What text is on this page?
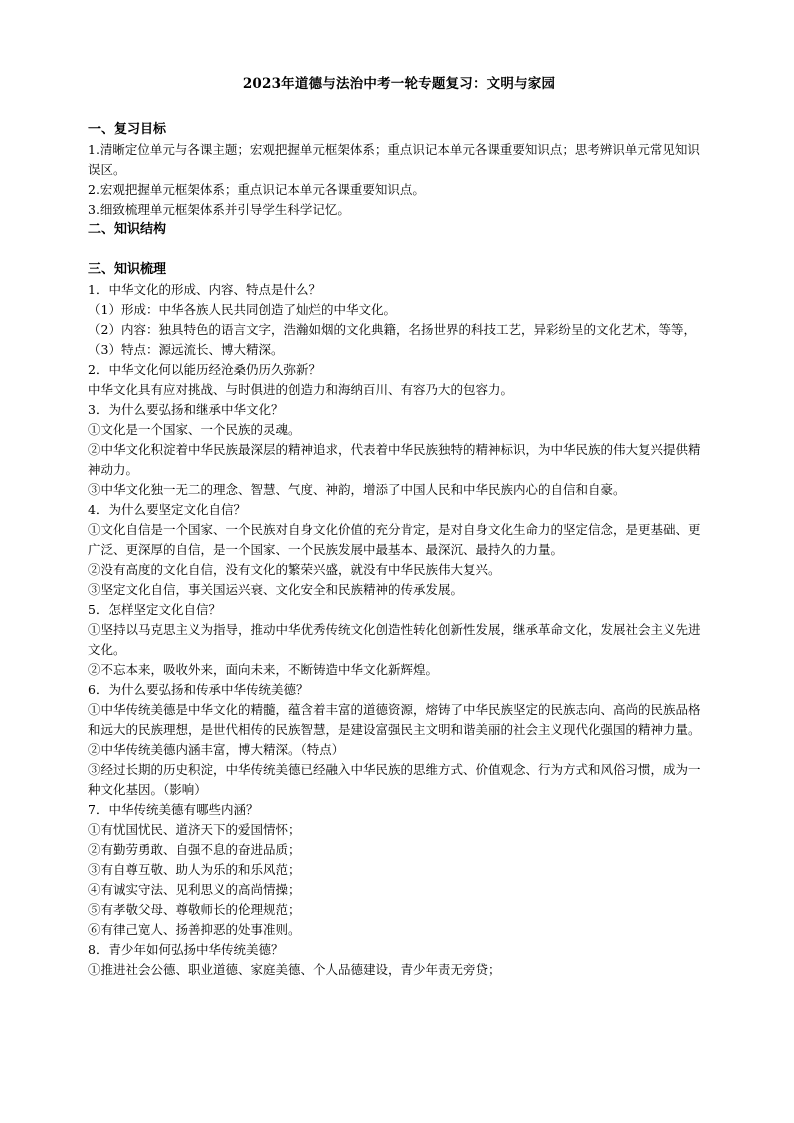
2023年道德与法治中考一轮专题复习：文明与家园
一、复习目标

1.清晰定位单元与各课主题；宏观把握单元框架体系；重点识记本单元各课重要知识点；思考辨识单元常见知识误区。

2.宏观把握单元框架体系；重点识记本单元各课重要知识点。

3.细致梳理单元框架体系并引导学生科学记忆。

二、知识结构
三、知识梳理

1．中华文化的形成、内容、特点是什么？

（1）形成：中华各族人民共同创造了灿烂的中华文化。

（2）内容：独具特色的语言文字，浩瀚如烟的文化典籍，名扬世界的科技工艺，异彩纷呈的文化艺术，等等，

（3）特点：源远流长、博大精深。

2．中华文化何以能历经沧桑仍历久弥新？

中华文化具有应对挑战、与时俱进的创造力和海纳百川、有容乃大的包容力。

3．为什么要弘扬和继承中华文化？

①文化是一个国家、一个民族的灵魂。

②中华文化积淀着中华民族最深层的精神追求，代表着中华民族独特的精神标识，为中华民族的伟大复兴提供精神动力。

③中华文化独一无二的理念、智慧、气度、神韵，增添了中国人民和中华民族内心的自信和自豪。

4．为什么要坚定文化自信？

①文化自信是一个国家、一个民族对自身文化价值的充分肯定，是对自身文化生命力的坚定信念，是更基础、更广泛、更深厚的自信，是一个国家、一个民族发展中最基本、最深沉、最持久的力量。

②没有高度的文化自信，没有文化的繁荣兴盛，就没有中华民族伟大复兴。

③坚定文化自信，事关国运兴衰、文化安全和民族精神的传承发展。

5．怎样坚定文化自信？

①坚持以马克思主义为指导，推动中华优秀传统文化创造性转化创新性发展，继承革命文化，发展社会主义先进文化。

②不忘本来，吸收外来，面向未来，不断铸造中华文化新辉煌。

6．为什么要弘扬和传承中华传统美德？

①中华传统美德是中华文化的精髓，蕴含着丰富的道德资源，熔铸了中华民族坚定的民族志向、高尚的民族品格和远大的民族理想，是世代相传的民族智慧，是建设富强民主文明和谐美丽的社会主义现代化强国的精神力量。

②中华传统美德内涵丰富，博大精深。（特点）

③经过长期的历史积淀，中华传统美德已经融入中华民族的思维方式、价值观念、行为方式和风俗习惯，成为一种文化基因。（影响）

7．中华传统美德有哪些内涵？

①有忧国忧民、道济天下的爱国情怀；

②有勤劳勇敢、自强不息的奋进品质；

③有自尊互敬、助人为乐的和乐风范；

④有诚实守法、见利思义的高尚情操；

⑤有孝敬父母、尊敬师长的伦理规范；

⑥有律己宽人、扬善抑恶的处事准则。

8．青少年如何弘扬中华传统美德？

①推进社会公德、职业道德、家庭美德、个人品德建设，青少年责无旁贷；
